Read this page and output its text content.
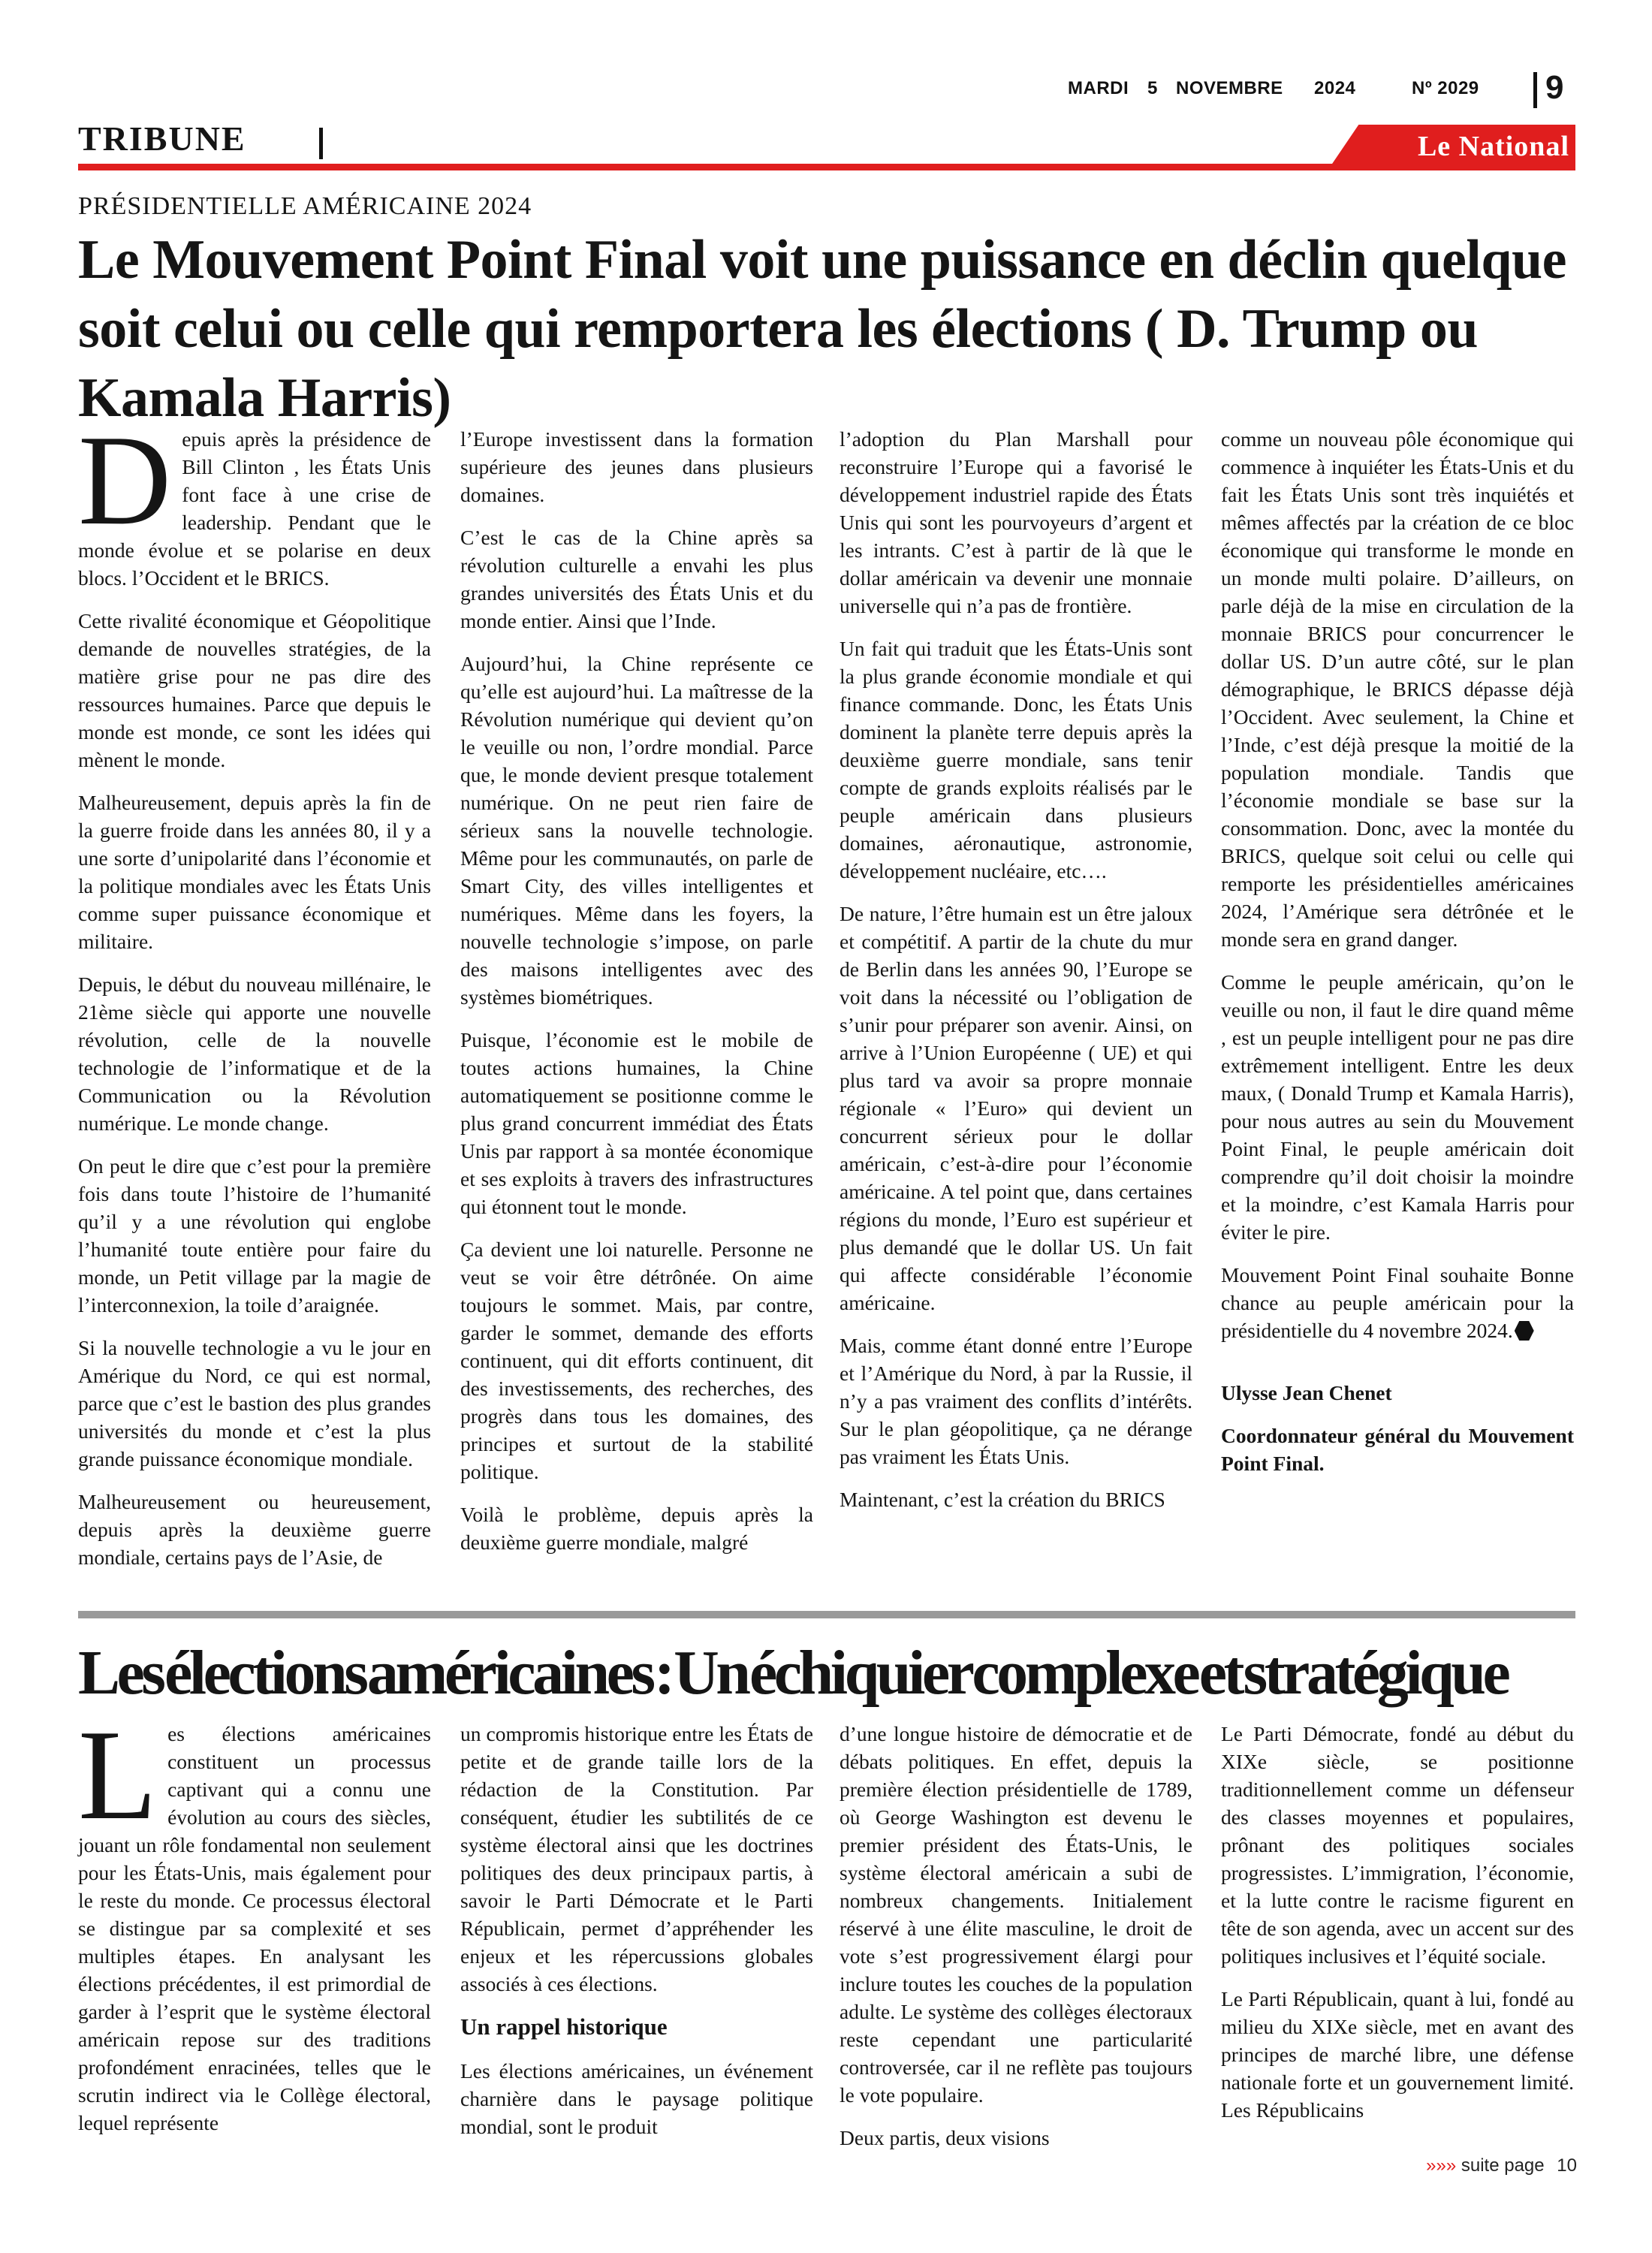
MARDI 5 NOVEMBRE 2024	Nº 2029 9
TRIBUNE	Le National
PRÉSIDENTIELLE AMÉRICAINE 2024
Le Mouvement Point Final voit une puissance en déclin quelque soit celui ou celle qui remportera les élections ( D. Trump ou Kamala Harris)

Depuis après la présidence de Bill Clinton , les États Unis font face à une crise de leadership. Pendant que le monde évolue et se polarise en deux blocs. l’Occident et le BRICS.

Cette rivalité économique et Géopolitique demande de nouvelles stratégies, de la matière grise pour ne pas dire des ressources humaines. Parce que depuis le monde est monde, ce sont les idées qui mènent le monde.

Malheureusement, depuis après la fin de la guerre froide dans les années 80, il y a une sorte d’unipolarité dans l’économie et la politique mondiales avec les États Unis comme super puissance économique et militaire.

Depuis, le début du nouveau millénaire, le 21ème siècle qui apporte une nouvelle révolution, celle de la nouvelle technologie de l’informatique et de la Communication ou la Révolution numérique. Le monde change.

On peut le dire que c’est pour la première fois dans toute l’histoire de l’humanité qu’il y a une révolution qui englobe l’humanité toute entière pour faire du monde, un Petit village par la magie de l’interconnexion, la toile d’araignée.

Si la nouvelle technologie a vu le jour en Amérique du Nord, ce qui est normal, parce que c’est le bastion des plus grandes universités du monde et c’est la plus grande puissance économique mondiale.

Malheureusement ou heureusement, depuis après la deuxième guerre mondiale, certains pays de l’Asie, de

l’Europe investissent dans la formation supérieure des jeunes dans plusieurs domaines.

C’est le cas de la Chine après sa révolution culturelle a envahi les plus grandes universités des États Unis et du monde entier. Ainsi que l’Inde.

Aujourd’hui, la Chine représente ce qu’elle est aujourd’hui. La maîtresse de la Révolution numérique qui devient qu’on le veuille ou non, l’ordre mondial. Parce que, le monde devient presque totalement numérique. On ne peut rien faire de sérieux sans la nouvelle technologie. Même pour les communautés, on parle de Smart City, des villes intelligentes et numériques. Même dans les foyers, la nouvelle technologie s’impose, on parle des maisons intelligentes avec des systèmes biométriques.

Puisque, l’économie est le mobile de toutes actions humaines, la Chine automatiquement se positionne comme le plus grand concurrent immédiat des États Unis par rapport à sa montée économique et ses exploits à travers des infrastructures qui étonnent tout le monde.

Ça devient une loi naturelle. Personne ne veut se voir être détrônée. On aime toujours le sommet. Mais, par contre, garder le sommet, demande des efforts continuent, qui dit efforts continuent, dit des investissements, des recherches, des progrès dans tous les domaines, des principes et surtout de la stabilité politique.

Voilà le problème, depuis après la deuxième guerre mondiale, malgré

l’adoption du Plan Marshall pour reconstruire l’Europe qui a favorisé le développement industriel rapide des États Unis qui sont les pourvoyeurs d’argent et les intrants. C’est à partir de là que le dollar américain va devenir une monnaie universelle qui n’a pas de frontière.

Un fait qui traduit que les États-Unis sont la plus grande économie mondiale et qui finance commande. Donc, les États Unis dominent la planète terre depuis après la deuxième guerre mondiale, sans tenir compte de grands exploits réalisés par le peuple américain dans plusieurs domaines, aéronautique, astronomie, développement nucléaire, etc….

De nature, l’être humain est un être jaloux et compétitif. A partir de la chute du mur de Berlin dans les années 90, l’Europe se voit dans la nécessité ou l’obligation de s’unir pour préparer son avenir. Ainsi, on arrive à l’Union Européenne ( UE) et qui plus tard va avoir sa propre monnaie régionale « l’Euro» qui devient un concurrent sérieux pour le dollar américain, c’est-à-dire pour l’économie américaine. A tel point que, dans certaines régions du monde, l’Euro est supérieur et plus demandé que le dollar US. Un fait qui affecte considérable l’économie américaine.

Mais, comme étant donné entre l’Europe et l’Amérique du Nord, à par la Russie, il n’y a pas vraiment des conflits d’intérêts. Sur le plan géopolitique, ça ne dérange pas vraiment les États Unis.

Maintenant, c’est la création du BRICS

comme un nouveau pôle économique qui commence à inquiéter les États-Unis et du fait les États Unis sont très inquiétés et mêmes affectés par la création de ce bloc économique qui transforme le monde en un monde multi polaire. D’ailleurs, on parle déjà de la mise en circulation de la monnaie BRICS pour concurrencer le dollar US. D’un autre côté, sur le plan démographique, le BRICS dépasse déjà l’Occident. Avec seulement, la Chine et l’Inde, c’est déjà presque la moitié de la population mondiale. Tandis que l’économie mondiale se base sur la consommation. Donc, avec la montée du BRICS, quelque soit celui ou celle qui remporte les présidentielles américaines 2024, l’Amérique sera détrônée et le monde sera en grand danger.

Comme le peuple américain, qu’on le veuille ou non, il faut le dire quand même , est un peuple intelligent pour ne pas dire extrêmement intelligent. Entre les deux maux, ( Donald Trump et Kamala Harris), pour nous autres au sein du Mouvement Point Final, le peuple américain doit comprendre qu’il doit choisir la moindre et la moindre, c’est Kamala Harris pour éviter le pire.

Mouvement Point Final souhaite Bonne chance au peuple américain pour la présidentielle du 4 novembre 2024.

Ulysse Jean Chenet

Coordonnateur général du Mouvement Point Final.

Les élections américaines : Un échiquier complexe et stratégique

Les élections américaines constituent un processus captivant qui a connu une évolution au cours des siècles, jouant un rôle fondamental non seulement pour les États-Unis, mais également pour le reste du monde. Ce processus électoral se distingue par sa complexité et ses multiples étapes. En analysant les élections précédentes, il est primordial de garder à l’esprit que le système électoral américain repose sur des traditions profondément enracinées, telles que le scrutin indirect via le Collège électoral, lequel représente

un compromis historique entre les États de petite et de grande taille lors de la rédaction de la Constitution. Par conséquent, étudier les subtilités de ce système électoral ainsi que les doctrines politiques des deux principaux partis, à savoir le Parti Démocrate et le Parti Républicain, permet d’appréhender les enjeux et les répercussions globales associés à ces élections.

Un rappel historique

Les élections américaines, un événement charnière dans le paysage politique mondial, sont le produit

d’une longue histoire de démocratie et de débats politiques. En effet, depuis la première élection présidentielle de 1789, où George Washington est devenu le premier président des États-Unis, le système électoral américain a subi de nombreux changements. Initialement réservé à une élite masculine, le droit de vote s’est progressivement élargi pour inclure toutes les couches de la population adulte. Le système des collèges électoraux reste cependant une particularité controversée, car il ne reflète pas toujours le vote populaire.

Deux partis, deux visions

Le Parti Démocrate, fondé au début du XIXe siècle, se positionne traditionnellement comme un défenseur des classes moyennes et populaires, prônant des politiques sociales progressistes. L’immigration, l’économie, et la lutte contre le racisme figurent en tête de son agenda, avec un accent sur des politiques inclusives et l’équité sociale.

Le Parti Républicain, quant à lui, fondé au milieu du XIXe siècle, met en avant des principes de marché libre, une défense nationale forte et un gouvernement limité. Les Républicains

»»» suite page 10
